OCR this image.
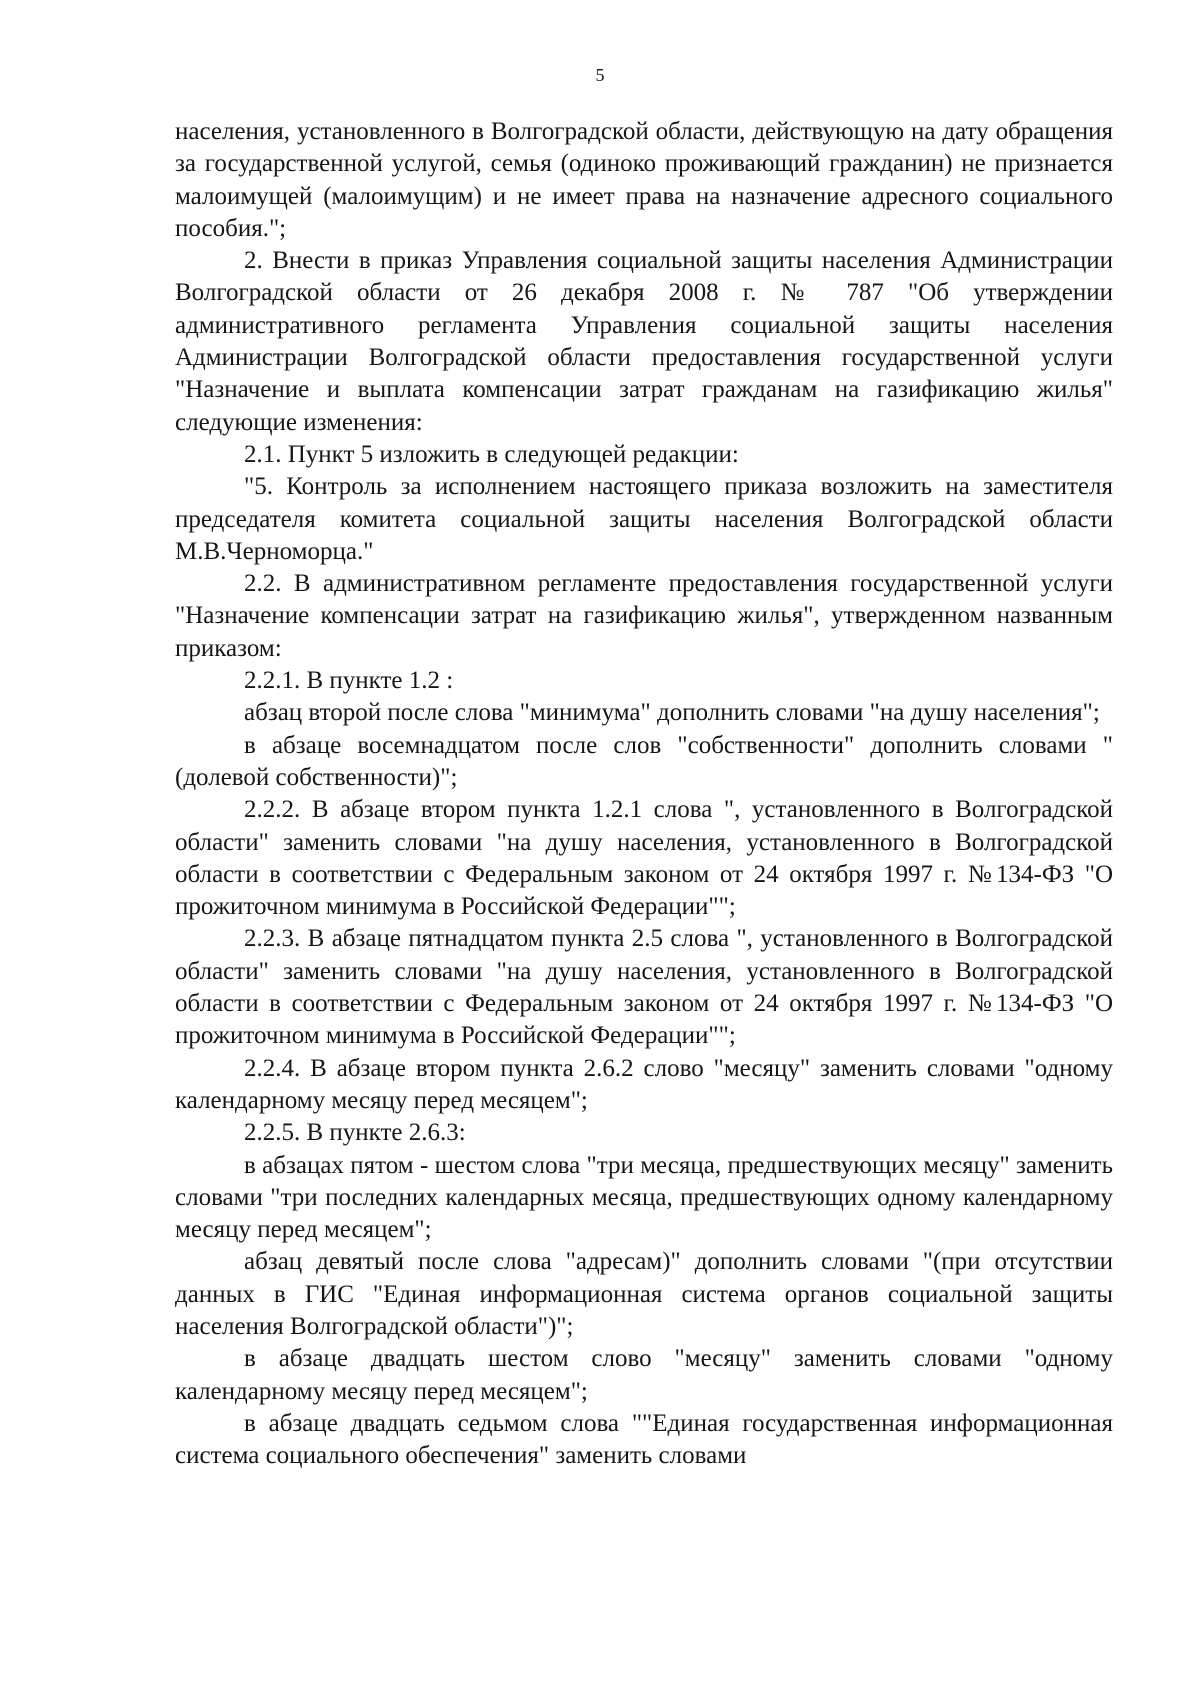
5

населения, установленного в Волгоградской области, действующую на дату обращения за государственной услугой, семья (одиноко проживающий гражданин) не признается малоимущей (малоимущим) и не имеет права на назначение адресного социального пособия.";

2. Внести в приказ Управления социальной защиты населения Администрации Волгоградской области от 26 декабря 2008 г. № 787 "Об утверждении административного регламента Управления социальной защиты населения Администрации Волгоградской области предоставления государственной услуги "Назначение и выплата компенсации затрат гражданам на газификацию жилья" следующие изменения:

2.1. Пункт 5 изложить в следующей редакции:

"5. Контроль за исполнением настоящего приказа возложить на заместителя председателя комитета социальной защиты населения Волгоградской области М.В.Черноморца."

2.2. В административном регламенте предоставления государственной услуги "Назначение компенсации затрат на газификацию жилья", утвержденном названным приказом:

2.2.1. В пункте 1.2 :

абзац второй после слова "минимума" дополнить словами "на душу населения";

в абзаце восемнадцатом после слов "собственности" дополнить словами "(долевой собственности)";

2.2.2. В абзаце втором пункта 1.2.1 слова ", установленного в Волгоградской области" заменить словами "на душу населения, установленного в Волгоградской области в соответствии с Федеральным законом от 24 октября 1997 г. №134-ФЗ "О прожиточном минимума в Российской Федерации"";

2.2.3. В абзаце пятнадцатом пункта 2.5 слова ", установленного в Волгоградской области" заменить словами "на душу населения, установленного в Волгоградской области в соответствии с Федеральным законом от 24 октября 1997 г. №134-ФЗ "О прожиточном минимума в Российской Федерации"";

2.2.4. В абзаце втором пункта 2.6.2 слово "месяцу" заменить словами "одному календарному месяцу перед месяцем";

2.2.5. В пункте 2.6.3:

в абзацах пятом - шестом слова "три месяца, предшествующих месяцу" заменить словами "три последних календарных месяца, предшествующих одному календарному месяцу перед месяцем";

абзац девятый после слова "адресам)" дополнить словами "(при отсутствии данных в ГИС "Единая информационная система органов социальной защиты населения Волгоградской области")";

в абзаце двадцать шестом слово "месяцу" заменить словами "одному календарному месяцу перед месяцем";

в абзаце двадцать седьмом слова ""Единая государственная информационная система социального обеспечения" заменить словами
